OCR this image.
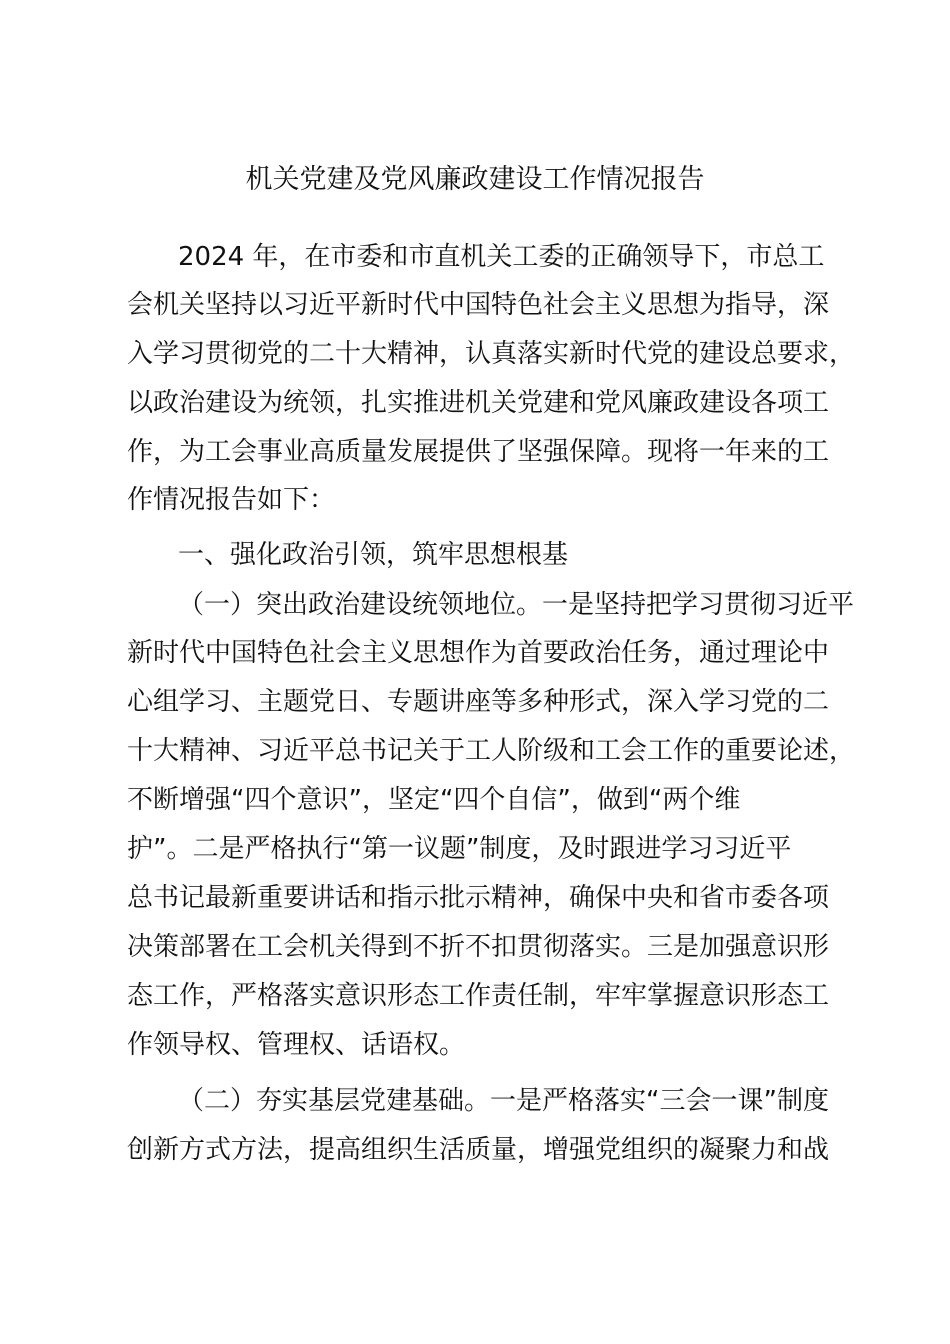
机关党建及党风廉政建设工作情况报告
2024 年，在市委和市直机关工委的正确领导下，市总工
会机关坚持以习近平新时代中国特色社会主义思想为指导，深
入学习贯彻党的二十大精神，认真落实新时代党的建设总要求，
以政治建设为统领，扎实推进机关党建和党风廉政建设各项工
作，为工会事业高质量发展提供了坚强保障。现将一年来的工
作情况报告如下：
一、强化政治引领，筑牢思想根基
（一）突出政治建设统领地位。一是坚持把学习贯彻习近平
新时代中国特色社会主义思想作为首要政治任务，通过理论中
心组学习、主题党日、专题讲座等多种形式，深入学习党的二
十大精神、习近平总书记关于工人阶级和工会工作的重要论述，
不断增强“四个意识”，坚定“四个自信”，做到“两个维
护”。二是严格执行“第一议题”制度，及时跟进学习习近平
总书记最新重要讲话和指示批示精神，确保中央和省市委各项
决策部署在工会机关得到不折不扣贯彻落实。三是加强意识形
态工作，严格落实意识形态工作责任制，牢牢掌握意识形态工
作领导权、管理权、话语权。
（二）夯实基层党建基础。一是严格落实“三会一课”制度
创新方式方法，提高组织生活质量，增强党组织的凝聚力和战
